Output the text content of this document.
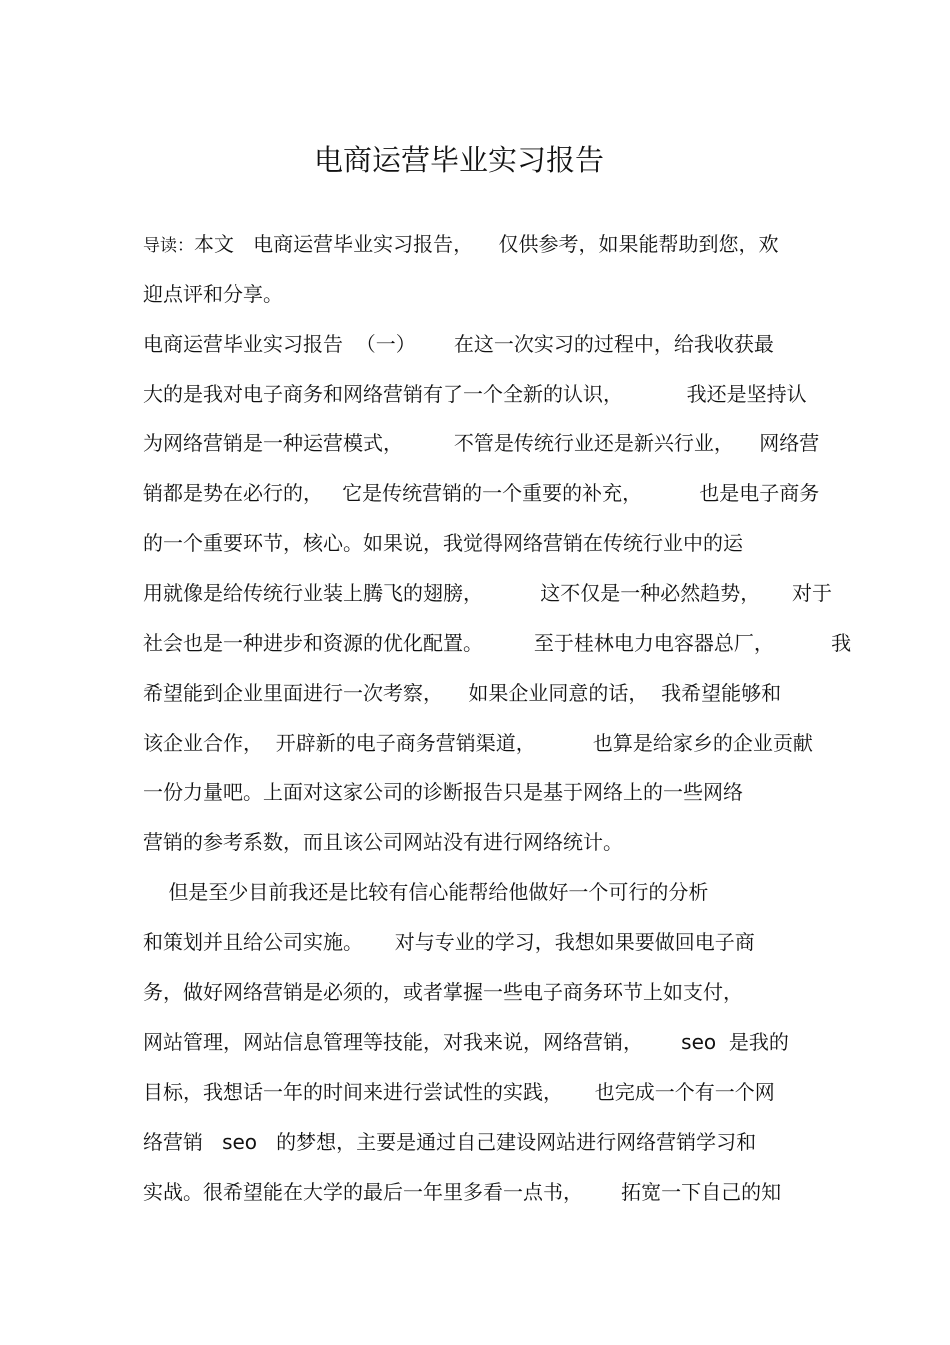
电商运营毕业实习报告
导读：本文   电商运营毕业实习报告，    仅供参考，如果能帮助到您，欢
迎点评和分享。
电商运营毕业实习报告  （一）      在这一次实习的过程中，给我收获最
大的是我对电子商务和网络营销有了一个全新的认识，          我还是坚持认
为网络营销是一种运营模式，        不管是传统行业还是新兴行业，    网络营
销都是势在必行的，   它是传统营销的一个重要的补充，         也是电子商务
的一个重要环节，核心。如果说，我觉得网络营销在传统行业中的运
用就像是给传统行业装上腾飞的翅膀，         这不仅是一种必然趋势，     对于
社会也是一种进步和资源的优化配置。        至于桂林电力电容器总厂，         我
希望能到企业里面进行一次考察，    如果企业同意的话，  我希望能够和
该企业合作，  开辟新的电子商务营销渠道，         也算是给家乡的企业贡献
一份力量吧。上面对这家公司的诊断报告只是基于网络上的一些网络
营销的参考系数，而且该公司网站没有进行网络统计。
但是至少目前我还是比较有信心能帮给他做好一个可行的分析
和策划并且给公司实施。     对与专业的学习，我想如果要做回电子商
务，做好网络营销是必须的，或者掌握一些电子商务环节上如支付，
网站管理，网站信息管理等技能，对我来说，网络营销，      seo  是我的
目标，我想话一年的时间来进行尝试性的实践，     也完成一个有一个网
络营销   seo   的梦想，主要是通过自己建设网站进行网络营销学习和
实战。很希望能在大学的最后一年里多看一点书，      拓宽一下自己的知
